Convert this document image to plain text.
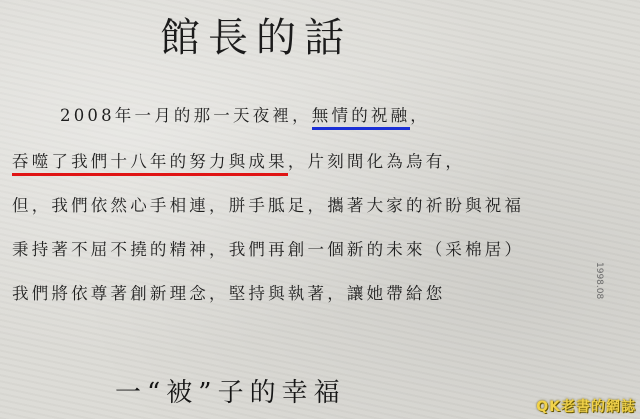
館長的話
2008年一月的那一天夜裡，無情的祝融，
吞噬了我們十八年的努力與成果，片刻間化為烏有，
但，我們依然心手相連，胼手胝足，攜著大家的祈盼與祝福
秉持著不屈不撓的精神，我們再創一個新的未來（采棉居）
我們將依尊著創新理念，堅持與執著，讓她帶給您	1998.08
一“被”子的幸福	QK老書的網誌
